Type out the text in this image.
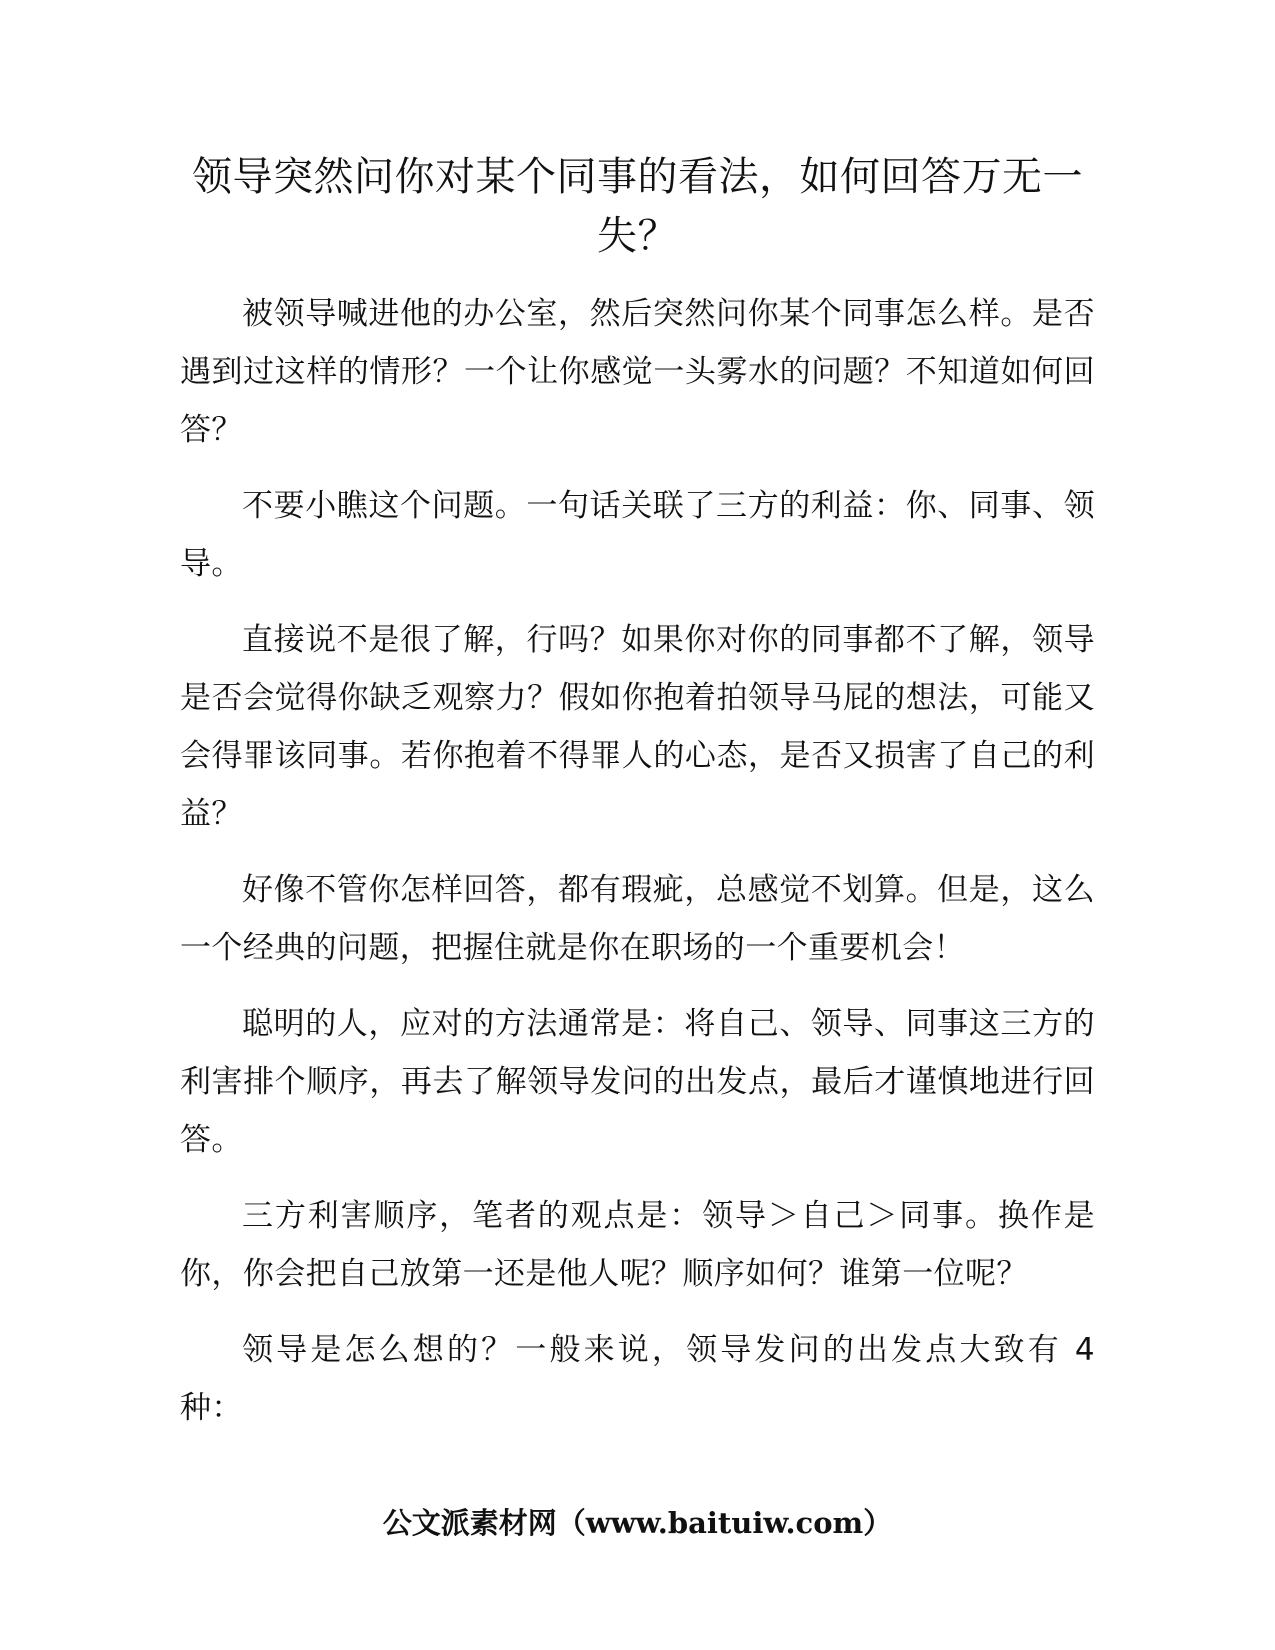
领导突然问你对某个同事的看法，如何回答万无一失？

被领导喊进他的办公室，然后突然问你某个同事怎么样。是否遇到过这样的情形？一个让你感觉一头雾水的问题？不知道如何回答？

不要小瞧这个问题。一句话关联了三方的利益：你、同事、领导。

直接说不是很了解，行吗？如果你对你的同事都不了解，领导是否会觉得你缺乏观察力？假如你抱着拍领导马屁的想法，可能又会得罪该同事。若你抱着不得罪人的心态，是否又损害了自己的利益？

好像不管你怎样回答，都有瑕疵，总感觉不划算。但是，这么一个经典的问题，把握住就是你在职场的一个重要机会！

聪明的人，应对的方法通常是：将自己、领导、同事这三方的利害排个顺序，再去了解领导发问的出发点，最后才谨慎地进行回答。

三方利害顺序，笔者的观点是：领导＞自己＞同事。换作是你，你会把自己放第一还是他人呢？顺序如何？谁第一位呢？

领导是怎么想的？一般来说，领导发问的出发点大致有 4 种：

公文派素材网（www.baituiw.com）
